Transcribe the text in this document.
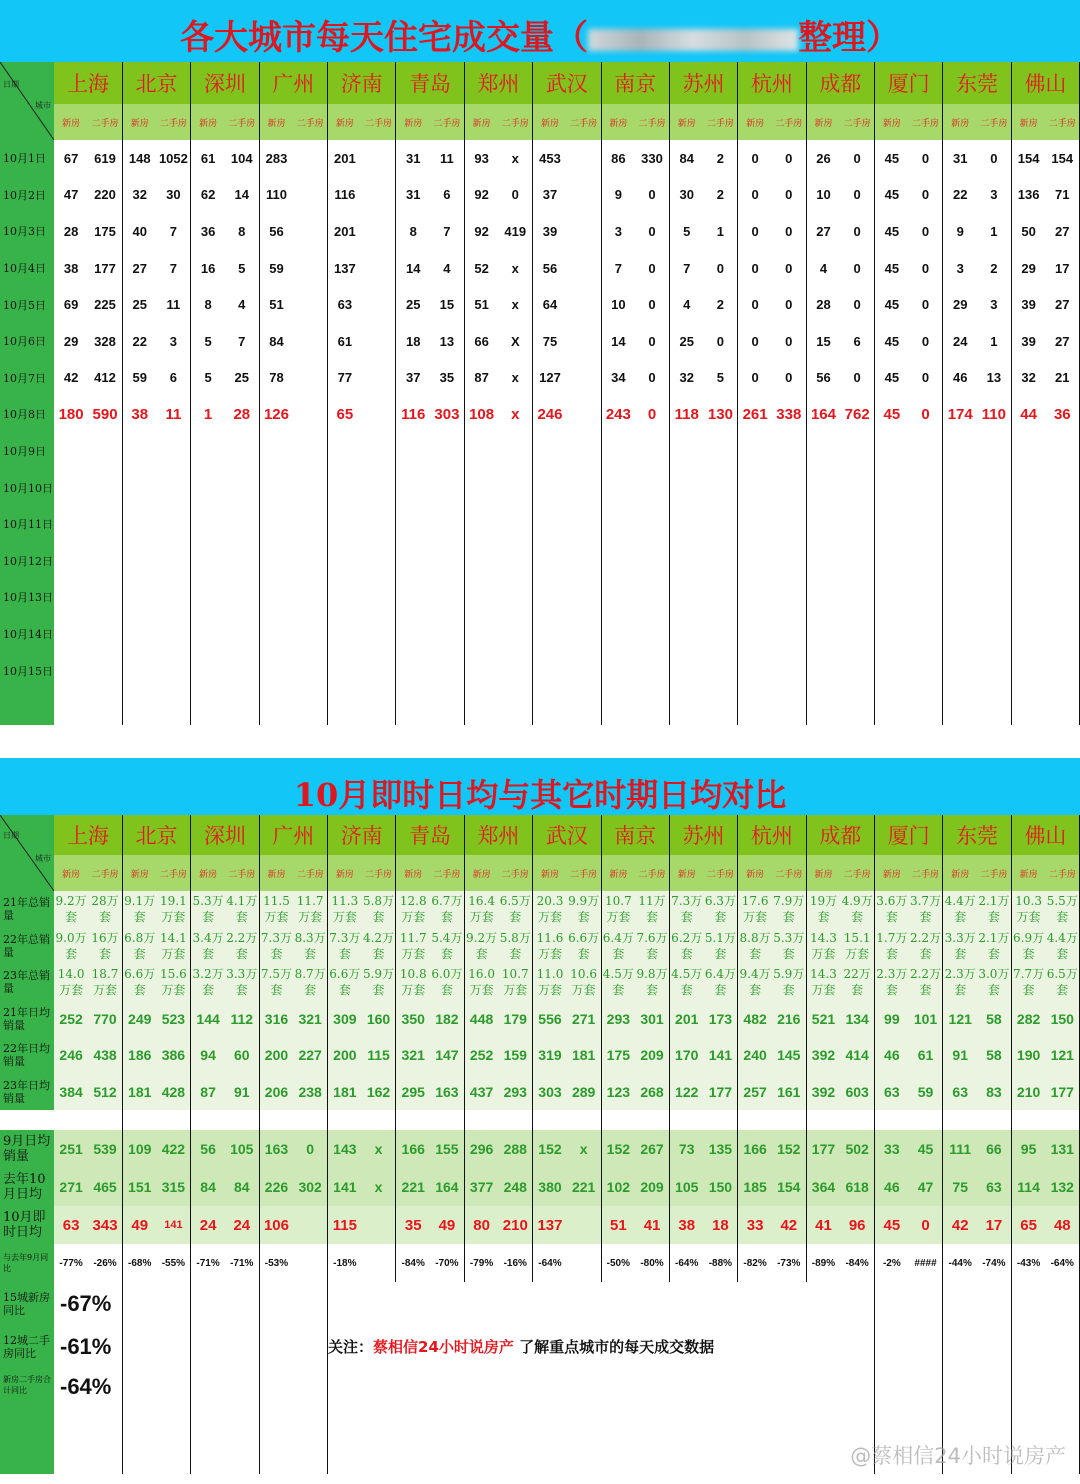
各大城市每天住宅成交量（	整理）
日期
城市	上海		北京		深圳		广州		济南		青岛		郑州		武汉		南京		苏州		杭州		成都		厦门		东莞		佛山	
	新房	二手房	新房	二手房	新房	二手房	新房	二手房	新房	二手房	新房	二手房	新房	二手房	新房	二手房	新房	二手房	新房	二手房	新房	二手房	新房	二手房	新房	二手房	新房	二手房	新房	二手房
10月1日	67	619	148	1052	61	104	283		201		31	11	93	x	453		86	330	84	2	0	0	26	0	45	0	31	0	154	154
10月2日	47	220	32	30	62	14	110		116		31	6	92	0	37		9	0	30	2	0	0	10	0	45	0	22	3	136	71
10月3日	28	175	40	7	36	8	56		201		8	7	92	419	39		3	0	5	1	0	0	27	0	45	0	9	1	50	27
10月4日	38	177	27	7	16	5	59		137		14	4	52	x	56		7	0	7	0	0	0	4	0	45	0	3	2	29	17
10月5日	69	225	25	11	8	4	51		63		25	15	51	x	64		10	0	4	2	0	0	28	0	45	0	29	3	39	27
10月6日	29	328	22	3	5	7	84		61		18	13	66	X	75		14	0	25	0	0	0	15	6	45	0	24	1	39	27
10月7日	42	412	59	6	5	25	78		77		37	35	87	x	127		34	0	32	5	0	0	56	0	45	0	46	13	32	21
10月8日	180	590	38	11	1	28	126		65		116	303	108	x	246		243	0	118	130	261	338	164	762	45	0	174	110	44	36
10月9日																														
10月10日																														
10月11日																														
10月12日																														
10月13日																														
10月14日																														
10月15日																														

10月即时日均与其它时期日均对比
日期
城市	上海		北京		深圳		广州		济南		青岛		郑州		武汉		南京		苏州		杭州		成都		厦门		东莞		佛山	
	新房	二手房	新房	二手房	新房	二手房	新房	二手房	新房	二手房	新房	二手房	新房	二手房	新房	二手房	新房	二手房	新房	二手房	新房	二手房	新房	二手房	新房	二手房	新房	二手房	新房	二手房
21年总销量	9.2万套	28万套	9.1万套	19.1万套	5.3万套	4.1万套	11.5万套	11.7万套	11.3万套	5.8万套	12.8万套	6.7万套	16.4万套	6.5万套	20.3万套	9.9万套	10.7万套	11万套	7.3万套	6.3万套	17.6万套	7.9万套	19万套	4.9万套	3.6万套	3.7万套	4.4万套	2.1万套	10.3万套	5.5万套
22年总销量	9.0万套	16万套	6.8万套	14.1万套	3.4万套	2.2万套	7.3万套	8.3万套	7.3万套	4.2万套	11.7万套	5.4万套	9.2万套	5.8万套	11.6万套	6.6万套	6.4万套	7.6万套	6.2万套	5.1万套	8.8万套	5.3万套	14.3万套	15.1万套	1.7万套	2.2万套	3.3万套	2.1万套	6.9万套	4.4万套
23年总销量	14.0万套	18.7万套	6.6万套	15.6万套	3.2万套	3.3万套	7.5万套	8.7万套	6.6万套	5.9万套	10.8万套	6.0万套	16.0万套	10.7万套	11.0万套	10.6万套	4.5万套	9.8万套	4.5万套	6.4万套	9.4万套	5.9万套	14.3万套	22万套	2.3万套	2.2万套	2.3万套	3.0万套	7.7万套	6.5万套
21年日均销量	252	770	249	523	144	112	316	321	309	160	350	182	448	179	556	271	293	301	201	173	482	216	521	134	99	101	121	58	282	150
22年日均销量	246	438	186	386	94	60	200	227	200	115	321	147	252	159	319	181	175	209	170	141	240	145	392	414	46	61	91	58	190	121
23年日均销量	384	512	181	428	87	91	206	238	181	162	295	163	437	293	303	289	123	268	122	177	257	161	392	603	63	59	63	83	210	177

9月日均销量	251	539	109	422	56	105	163	0	143	x	166	155	296	288	152	x	152	267	73	135	166	152	177	502	33	45	111	66	95	131
去年10月日均	271	465	151	315	84	84	226	302	141	x	221	164	377	248	380	221	102	209	105	150	185	154	364	618	46	47	75	63	114	132
10月即时日均	63	343	49	141	24	24	106		115		35	49	80	210	137		51	41	38	18	33	42	41	96	45	0	42	17	65	48
与去年9月同比	-77%	-26%	-68%	-55%	-71%	-71%	-53%		-18%		-84%	-70%	-79%	-16%	-64%		-50%	-80%	-64%	-88%	-82%	-73%	-89%	-84%	-2%	####	-44%	-74%	-43%	-64%
15城新房同比	-67%																													
12城二手房同比	-61%																													
新房二手房合计同比	-64%																													
关注：蔡相信24小时说房产 了解重点城市的每天成交数据
@蔡相信24小时说房产
